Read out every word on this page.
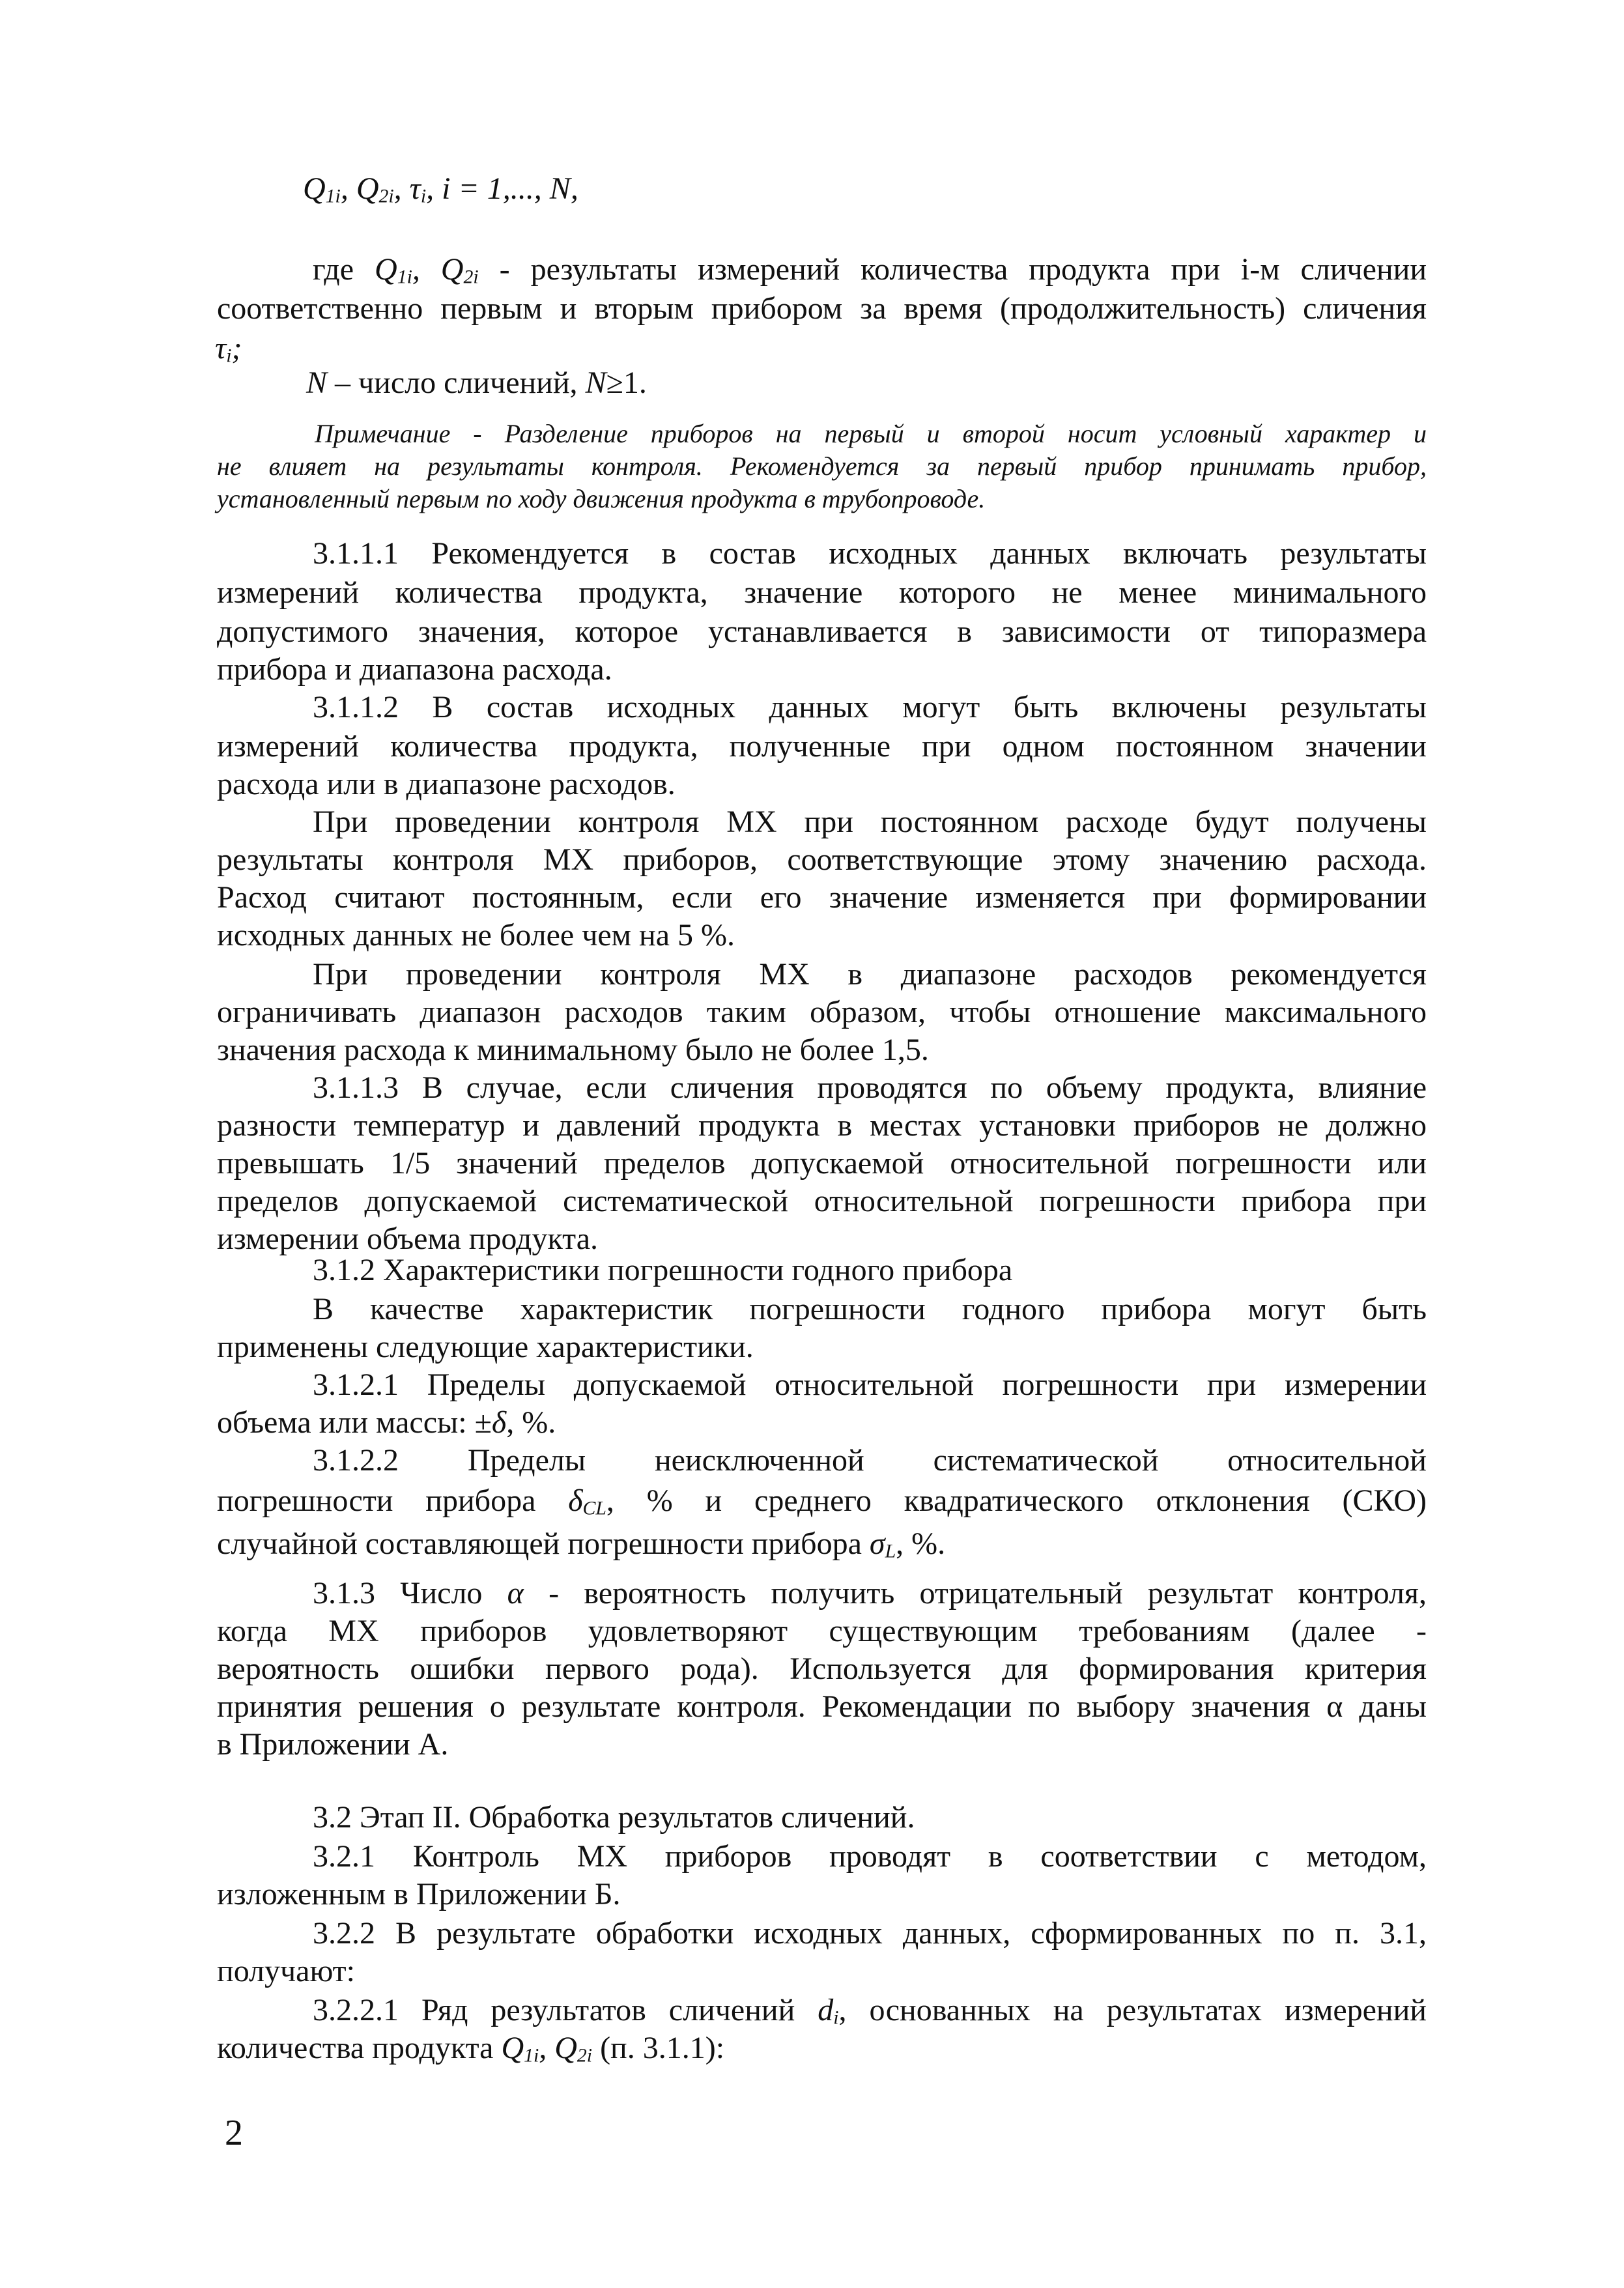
$Q_{1i}$, $Q_{2i}$, $\tau_i$, i = 1,..., N,
где $Q_{1i}$, $Q_{2i}$ - результаты измерений количества продукта при i-м сличении
соответственно первым и вторым прибором за время (продолжительность) сличения
$\tau_i$;
N – число сличений, N≥1.
Примечание - Разделение приборов на первый и второй носит условный характер и
не влияет на результаты контроля. Рекомендуется за первый прибор принимать прибор,
установленный первым по ходу движения продукта в трубопроводе.
3.1.1.1 Рекомендуется в состав исходных данных включать результаты
измерений количества продукта, значение которого не менее минимального
допустимого значения, которое устанавливается в зависимости от типоразмера
прибора и диапазона расхода.
3.1.1.2 В состав исходных данных могут быть включены результаты
измерений количества продукта, полученные при одном постоянном значении
расхода или в диапазоне расходов.
При проведении контроля МХ при постоянном расходе будут получены
результаты контроля МХ приборов, соответствующие этому значению расхода.
Расход считают постоянным, если его значение изменяется при формировании
исходных данных не более чем на 5 %.
При проведении контроля МХ в диапазоне расходов рекомендуется
ограничивать диапазон расходов таким образом, чтобы отношение максимального
значения расхода к минимальному было не более 1,5.
3.1.1.3 В случае, если сличения проводятся по объему продукта, влияние
разности температур и давлений продукта в местах установки приборов не должно
превышать 1/5 значений пределов допускаемой относительной погрешности или
пределов допускаемой систематической относительной погрешности прибора при
измерении объема продукта.
3.1.2 Характеристики погрешности годного прибора
В качестве характеристик погрешности годного прибора могут быть
применены следующие характеристики.
3.1.2.1 Пределы допускаемой относительной погрешности при измерении
объема или массы: ±δ, %.
3.1.2.2 Пределы неисключенной систематической относительной
погрешности прибора $\delta_{CL}$, % и среднего квадратического отклонения (СКО)
случайной составляющей погрешности прибора $\sigma_L$, %.
3.1.3 Число α - вероятность получить отрицательный результат контроля,
когда МХ приборов удовлетворяют существующим требованиям (далее -
вероятность ошибки первого рода). Используется для формирования критерия
принятия решения о результате контроля. Рекомендации по выбору значения α даны
в Приложении А.
3.2 Этап II. Обработка результатов сличений.
3.2.1 Контроль МХ приборов проводят в соответствии с методом,
изложенным в Приложении Б.
3.2.2 В результате обработки исходных данных, сформированных по п. 3.1,
получают:
3.2.2.1 Ряд результатов сличений $d_i$, основанных на результатах измерений
количества продукта $Q_{1i}$, $Q_{2i}$ (п. 3.1.1):
2
